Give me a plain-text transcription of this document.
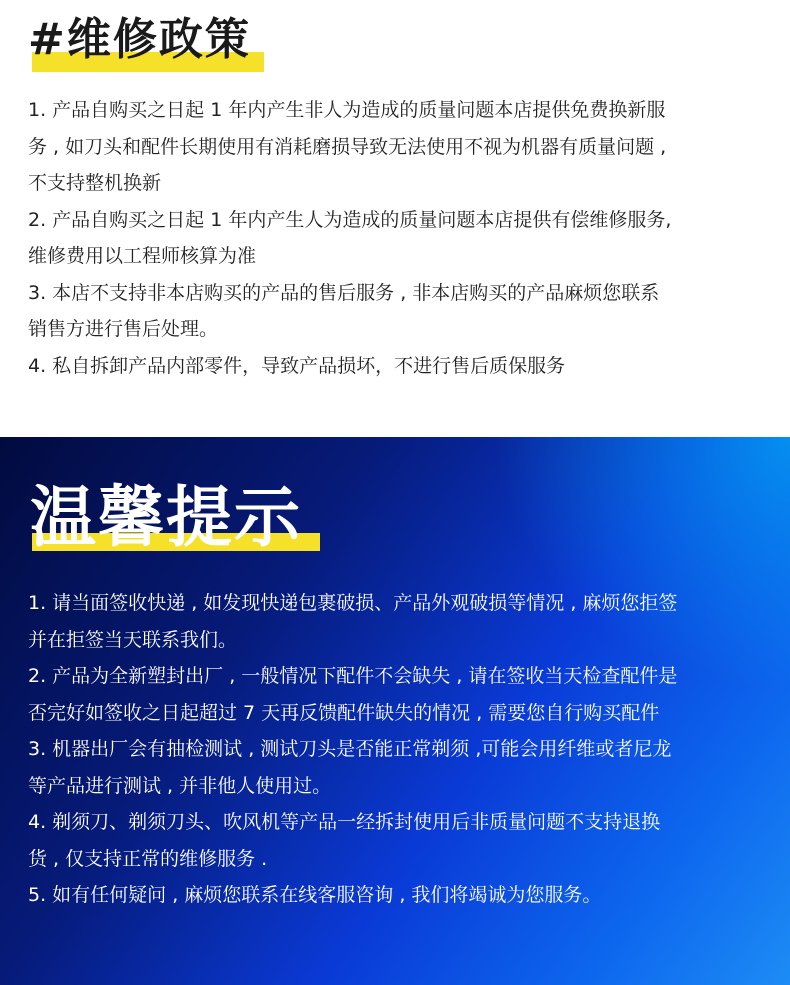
#维修政策
1. 产品自购买之日起 1 年内产生非人为造成的质量问题本店提供免费换新服
务 , 如刀头和配件长期使用有消耗磨损导致无法使用不视为机器有质量问题 ,
不支持整机换新
2. 产品自购买之日起 1 年内产生人为造成的质量问题本店提供有偿维修服务,
维修费用以工程师核算为准
3. 本店不支持非本店购买的产品的售后服务 , 非本店购买的产品麻烦您联系
销售方进行售后处理。
4. 私自拆卸产品内部零件，导致产品损坏，不进行售后质保服务
温馨提示
1. 请当面签收快递 , 如发现快递包裹破损、产品外观破损等情况 , 麻烦您拒签
并在拒签当天联系我们。
2. 产品为全新塑封出厂 , 一般情况下配件不会缺失 , 请在签收当天检查配件是
否完好如签收之日起超过 7 天再反馈配件缺失的情况 , 需要您自行购买配件
3. 机器出厂会有抽检测试 , 测试刀头是否能正常剃须 ,可能会用纤维或者尼龙
等产品进行测试 , 并非他人使用过。
4. 剃须刀、剃须刀头、吹风机等产品一经拆封使用后非质量问题不支持退换
货 , 仅支持正常的维修服务 .
5. 如有任何疑问 , 麻烦您联系在线客服咨询 , 我们将竭诚为您服务。
